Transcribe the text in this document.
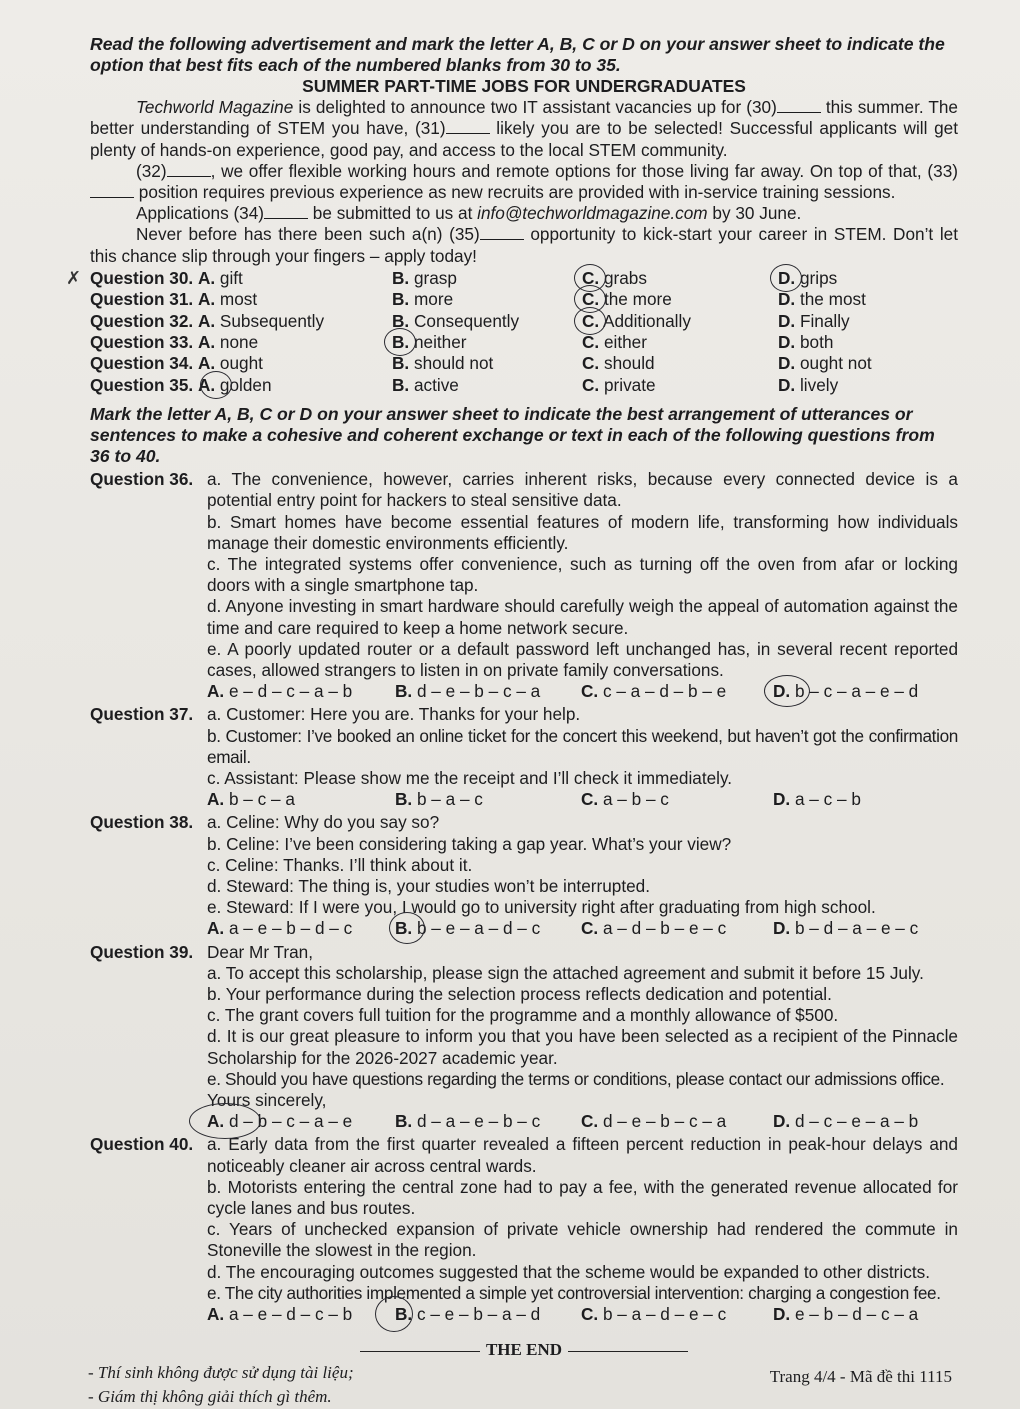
Read the following advertisement and mark the letter A, B, C or D on your answer sheet to indicate the option that best fits each of the numbered blanks from 30 to 35.
SUMMER PART-TIME JOBS FOR UNDERGRADUATES

Techworld Magazine is delighted to announce two IT assistant vacancies up for (30)	this summer. The better understanding of STEM you have, (31)	likely you are to be selected! Successful applicants will get plenty of hands-on experience, good pay, and access to the local STEM community.

(32)	, we offer flexible working hours and remote options for those living far away. On top of that, (33) position requires previous experience as new recruits are provided with in-service training sessions.

Applications (34)	be submitted to us at info@techworldmagazine.com by 30 June.

Never before has there been such a(n) (35)	opportunity to kick-start your career in STEM. Don’t let this chance slip through your fingers – apply today!

✗ Question 30. A. gift	B. grasp	C. grabs	D. grips

Question 31. A. most	B. more	C. the more	D. the most
Question 32. A. Subsequently	B. Consequently	C. Additionally	D. Finally
Question 33. A. none	B. neither	C. either	D. both
Question 34. A. ought	B. should not	C. should	D. ought not
Question 35. A. golden	B. active	C. private	D. lively
Mark the letter A, B, C or D on your answer sheet to indicate the best arrangement of utterances or sentences to make a cohesive and coherent exchange or text in each of the following questions from 36 to 40.
Question 36. a. The convenience, however, carries inherent risks, because every connected device is a potential entry point for hackers to steal sensitive data.

b. Smart homes have become essential features of modern life, transforming how individuals manage their domestic environments efficiently.

c. The integrated systems offer convenience, such as turning off the oven from afar or locking doors with a single smartphone tap.

d. Anyone investing in smart hardware should carefully weigh the appeal of automation against the time and care required to keep a home network secure.

e. A poorly updated router or a default password left unchanged has, in several recent reported cases, allowed strangers to listen in on private family conversations.

A. e – d – c – a – b	B. d – e – b – c – a	C. c – a – d – b – e	D. b – c – a – e – d
Question 37. a. Customer: Here you are. Thanks for your help.

b. Customer: I’ve booked an online ticket for the concert this weekend, but haven’t got the confirmation email.

c. Assistant: Please show me the receipt and I’ll check it immediately.

A. b – c – a	B. b – a – c	C. a – b – c	D. a – c – b
Question 38. a. Celine: Why do you say so?

b. Celine: I’ve been considering taking a gap year. What’s your view?

c. Celine: Thanks. I’ll think about it.

d. Steward: The thing is, your studies won’t be interrupted.

e. Steward: If I were you, I would go to university right after graduating from high school.

A. a – e – b – d – c	B. b – e – a – d – c	C. a – d – b – e – c	D. b – d – a – e – c
Question 39. Dear Mr Tran,

a. To accept this scholarship, please sign the attached agreement and submit it before 15 July.

b. Your performance during the selection process reflects dedication and potential.

c. The grant covers full tuition for the programme and a monthly allowance of $500.

d. It is our great pleasure to inform you that you have been selected as a recipient of the Pinnacle Scholarship for the 2026-2027 academic year.

e. Should you have questions regarding the terms or conditions, please contact our admissions office.

Yours sincerely,

A. d – b – c – a – e	B. d – a – e – b – c	C. d – e – b – c – a	D. d – c – e – a – b
Question 40. a. Early data from the first quarter revealed a fifteen percent reduction in peak-hour delays and noticeably cleaner air across central wards.

b. Motorists entering the central zone had to pay a fee, with the generated revenue allocated for cycle lanes and bus routes.

c. Years of unchecked expansion of private vehicle ownership had rendered the commute in Stoneville the slowest in the region.

d. The encouraging outcomes suggested that the scheme would be expanded to other districts.

e. The city authorities implemented a simple yet controversial intervention: charging a congestion fee.

A. a – e – d – c – b	B. c – e – b – a – d	C. b – a – d – e – c	D. e – b – d – c – a
THE END
- Thí sinh không được sử dụng tài liệu;
- Giám thị không giải thích gì thêm.
Trang 4/4 - Mã đề thi 1115
